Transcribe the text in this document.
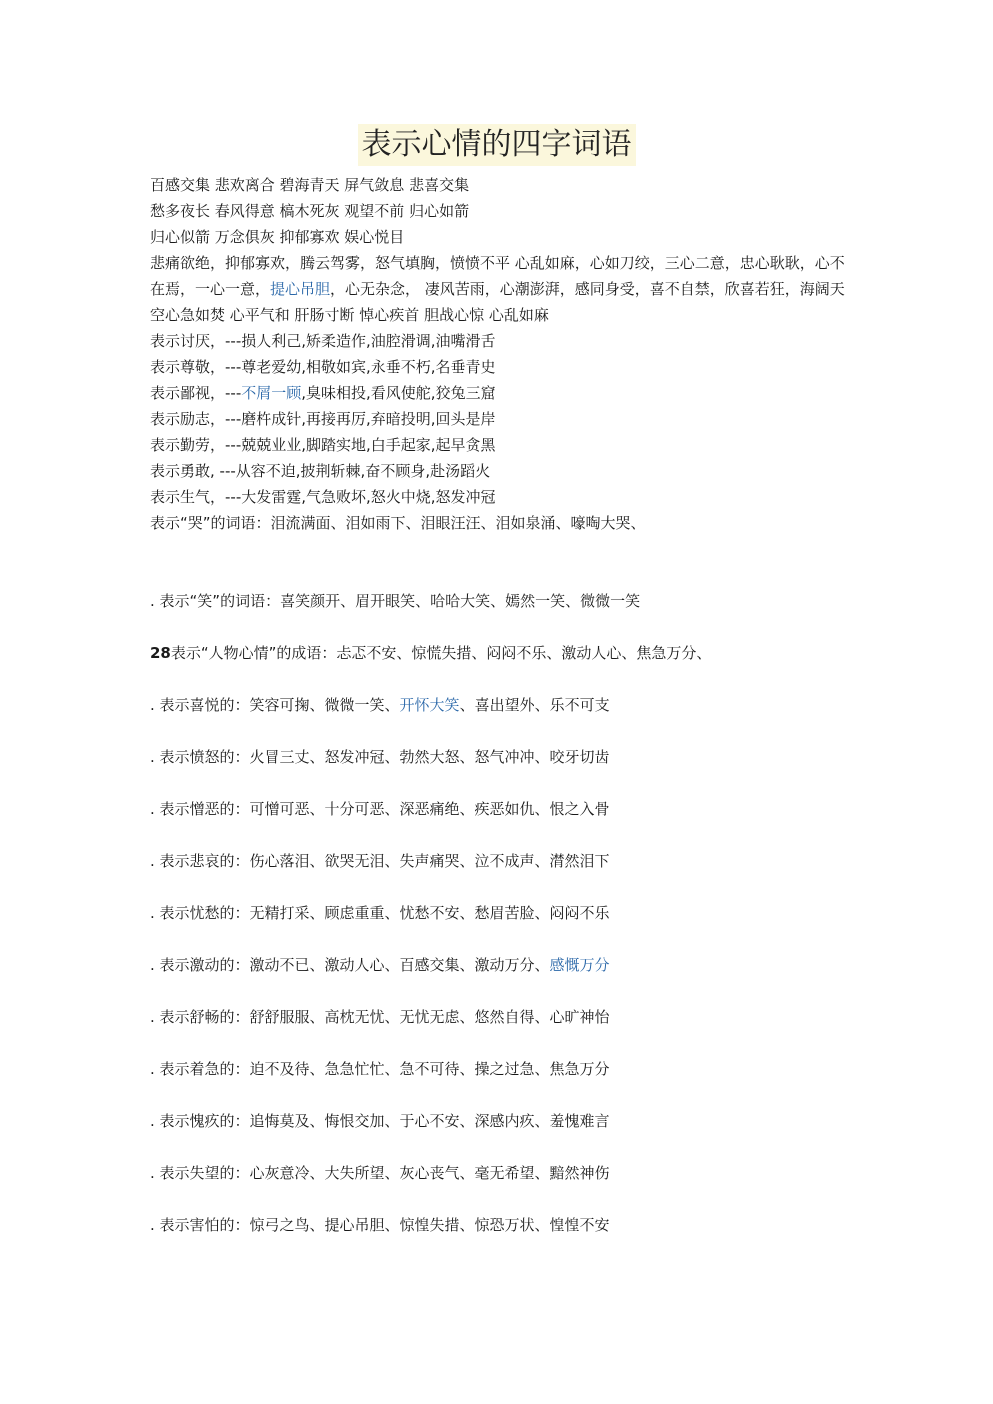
表示心情的四字词语
百感交集 悲欢离合 碧海青天 屏气敛息 悲喜交集
愁多夜长 春风得意 槁木死灰 观望不前 归心如箭
归心似箭 万念俱灰 抑郁寡欢 娱心悦目
悲痛欲绝，抑郁寡欢，腾云驾雾，怒气填胸，愤愤不平 心乱如麻，心如刀绞，三心二意，忠心耿耿，心不在焉，一心一意，提心吊胆，心无杂念， 凄风苦雨，心潮澎湃，感同身受，喜不自禁，欣喜若狂，海阔天空心急如焚 心平气和 肝肠寸断 悼心疾首 胆战心惊 心乱如麻
表示讨厌，---损人利己,矫柔造作,油腔滑调,油嘴滑舌
表示尊敬，---尊老爱幼,相敬如宾,永垂不朽,名垂青史
表示鄙视，---不屑一顾,臭味相投,看风使舵,狡兔三窟
表示励志，---磨杵成针,再接再厉,弃暗投明,回头是岸
表示勤劳，---兢兢业业,脚踏实地,白手起家,起早贪黑
表示勇敢, ---从容不迫,披荆斩棘,奋不顾身,赴汤蹈火
表示生气，---大发雷霆,气急败坏,怒火中烧,怒发冲冠
表示“哭”的词语：泪流满面、泪如雨下、泪眼汪汪、泪如泉涌、嚎啕大哭、
. 表示“笑”的词语：喜笑颜开、眉开眼笑、哈哈大笑、嫣然一笑、微微一笑
28表示“人物心情”的成语：忐忑不安、惊慌失措、闷闷不乐、激动人心、焦急万分、
. 表示喜悦的：笑容可掬、微微一笑、开怀大笑、喜出望外、乐不可支
. 表示愤怒的：火冒三丈、怒发冲冠、勃然大怒、怒气冲冲、咬牙切齿
. 表示憎恶的：可憎可恶、十分可恶、深恶痛绝、疾恶如仇、恨之入骨
. 表示悲哀的：伤心落泪、欲哭无泪、失声痛哭、泣不成声、潸然泪下
. 表示忧愁的：无精打采、顾虑重重、忧愁不安、愁眉苦脸、闷闷不乐
. 表示激动的：激动不已、激动人心、百感交集、激动万分、感慨万分
. 表示舒畅的：舒舒服服、高枕无忧、无忧无虑、悠然自得、心旷神怡
. 表示着急的：迫不及待、急急忙忙、急不可待、操之过急、焦急万分
. 表示愧疚的：追悔莫及、悔恨交加、于心不安、深感内疚、羞愧难言
. 表示失望的：心灰意冷、大失所望、灰心丧气、毫无希望、黯然神伤
. 表示害怕的：惊弓之鸟、提心吊胆、惊惶失措、惊恐万状、惶惶不安
